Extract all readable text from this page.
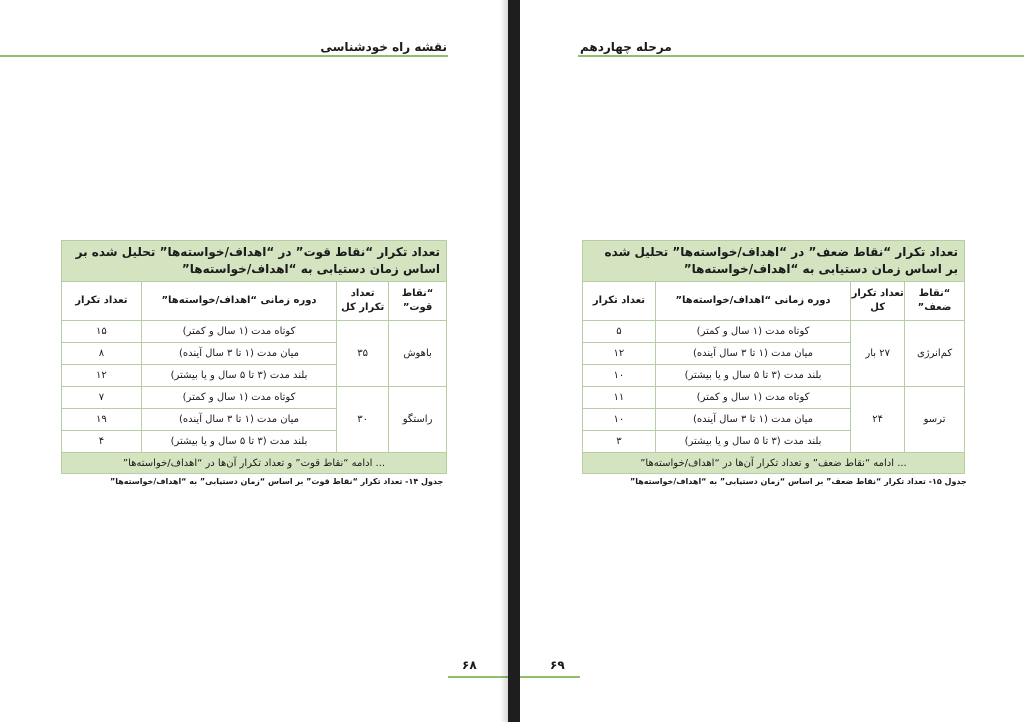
نقشه راه خودشناسی
تعداد تکرار “نقاط قوت” در “اهداف/خواسته‌ها” تحلیل شده بر اساس زمان دستیابی به “اهداف/خواسته‌ها”			
“نقاط قوت”	تعداد تکرار کل	دوره زمانی “اهداف/خواسته‌ها”	تعداد تکرار
باهوش	۳۵	کوتاه مدت (۱ سال و کمتر)	۱۵
		میان مدت (۱ تا ۳ سال آینده)	۸
		بلند مدت (۳ تا ۵ سال و یا بیشتر)	۱۲
راستگو	۳۰	کوتاه مدت (۱ سال و کمتر)	۷
		میان مدت (۱ تا ۳ سال آینده)	۱۹
		بلند مدت (۳ تا ۵ سال و یا بیشتر)	۴
... ادامه “نقاط قوت” و تعداد تکرار آن‌ها در “اهداف/خواسته‌ها”			
جدول ۱۴- تعداد تکرار “نقاط قوت” بر اساس “زمان دستیابی” به “اهداف/خواسته‌ها”
۶۸
مرحله چهاردهم
تعداد تکرار “نقاط ضعف” در “اهداف/خواسته‌ها” تحلیل شده بر اساس زمان دستیابی به “اهداف/خواسته‌ها”			
“نقاط ضعف”	تعداد تکرار کل	دوره زمانی “اهداف/خواسته‌ها”	تعداد تکرار
کم‌انرژی	۲۷ بار	کوتاه مدت (۱ سال و کمتر)	۵
		میان مدت (۱ تا ۳ سال آینده)	۱۲
		بلند مدت (۳ تا ۵ سال و یا بیشتر)	۱۰
ترسو	۲۴	کوتاه مدت (۱ سال و کمتر)	۱۱
		میان مدت (۱ تا ۳ سال آینده)	۱۰
		بلند مدت (۳ تا ۵ سال و یا بیشتر)	۳
... ادامه “نقاط ضعف” و تعداد تکرار آن‌ها در “اهداف/خواسته‌ها”			
جدول ۱۵- تعداد تکرار “نقاط ضعف” بر اساس “زمان دستیابی” به “اهداف/خواسته‌ها”
۶۹
